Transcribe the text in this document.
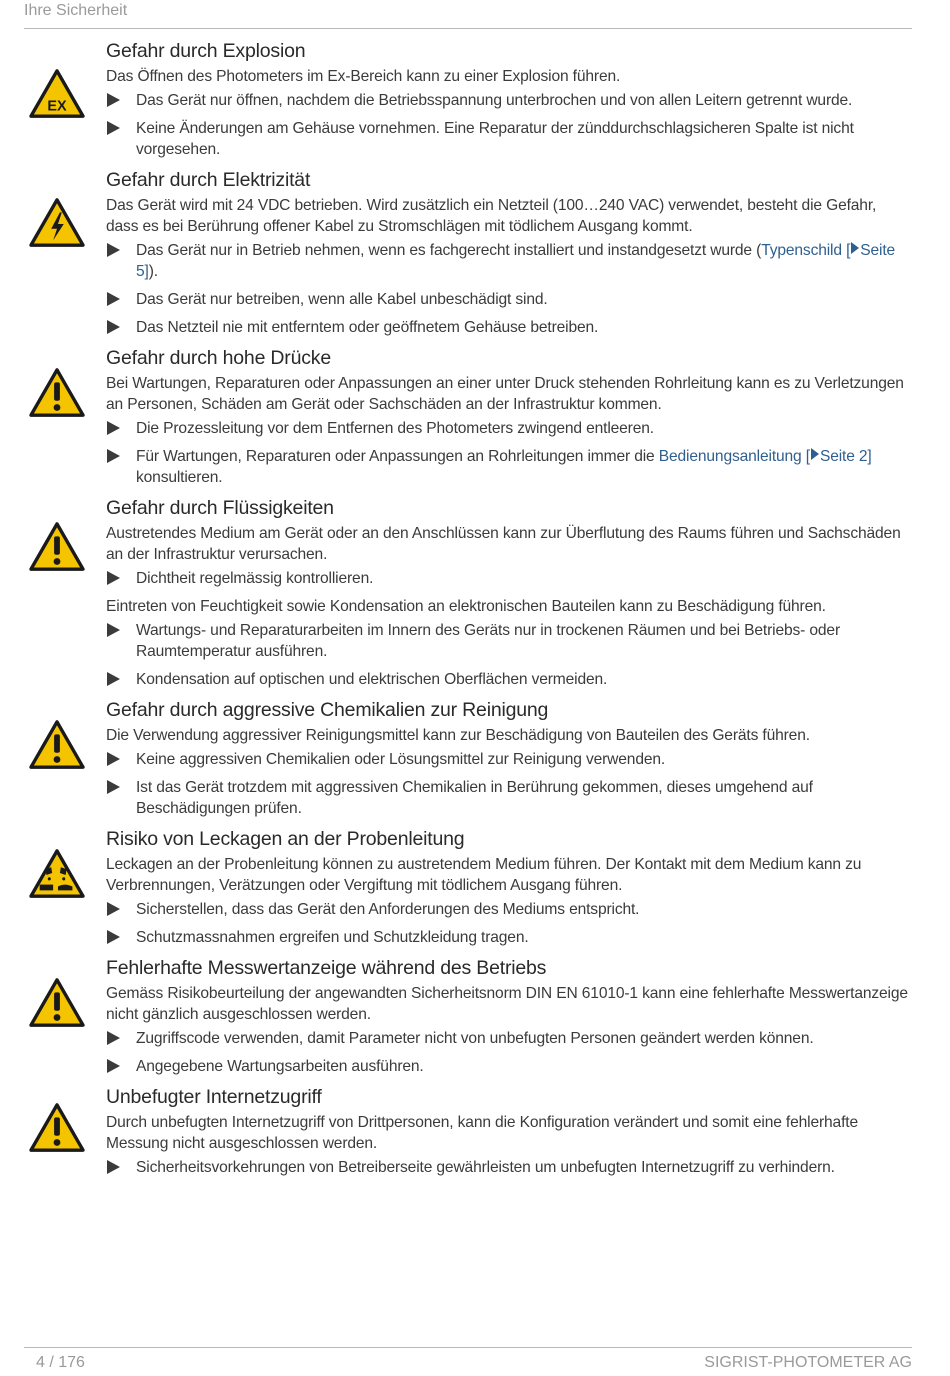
Ihre Sicherheit
EX
Gefahr durch Explosion

Das Öffnen des Photometers im Ex-Bereich kann zu einer Explosion führen.

Das Gerät nur öffnen, nachdem die Betriebsspannung unterbrochen und von allen Leitern getrennt wurde.
Keine Änderungen am Gehäuse vornehmen. Eine Reparatur der zünddurchschlagsicheren Spalte ist nicht vorgesehen.
Gefahr durch Elektrizität

Das Gerät wird mit 24 VDC betrieben. Wird zusätzlich ein Netzteil (100…240 VAC) verwendet, besteht die Gefahr, dass es bei Berührung offener Kabel zu Stromschlägen mit tödlichem Ausgang kommt.

Das Gerät nur in Betrieb nehmen, wenn es fachgerecht installiert und instandgesetzt wurde (Typenschild [ Seite 5]).
Das Gerät nur betreiben, wenn alle Kabel unbeschädigt sind.
Das Netzteil nie mit entferntem oder geöffnetem Gehäuse betreiben.
Gefahr durch hohe Drücke

Bei Wartungen, Reparaturen oder Anpassungen an einer unter Druck stehenden Rohrleitung kann es zu Verletzungen an Personen, Schäden am Gerät oder Sachschäden an der Infrastruktur kommen.

Die Prozessleitung vor dem Entfernen des Photometers zwingend entleeren.
Für Wartungen, Reparaturen oder Anpassungen an Rohrleitungen immer die Bedienungsanleitung [ Seite 2] konsultieren.
Gefahr durch Flüssigkeiten

Austretendes Medium am Gerät oder an den Anschlüssen kann zur Überflutung des Raums führen und Sachschäden an der Infrastruktur verursachen.

Dichtheit regelmässig kontrollieren.

Eintreten von Feuchtigkeit sowie Kondensation an elektronischen Bauteilen kann zu Beschädigung führen.

Wartungs- und Reparaturarbeiten im Innern des Geräts nur in trockenen Räumen und bei Betriebs- oder Raumtemperatur ausführen.
Kondensation auf optischen und elektrischen Oberflächen vermeiden.
Gefahr durch aggressive Chemikalien zur Reinigung

Die Verwendung aggressiver Reinigungsmittel kann zur Beschädigung von Bauteilen des Geräts führen.

Keine aggressiven Chemikalien oder Lösungsmittel zur Reinigung verwenden.
Ist das Gerät trotzdem mit aggressiven Chemikalien in Berührung gekommen, dieses umgehend auf Beschädigungen prüfen.
Risiko von Leckagen an der Probenleitung

Leckagen an der Probenleitung können zu austretendem Medium führen. Der Kontakt mit dem Medium kann zu Verbrennungen, Verätzungen oder Vergiftung mit tödlichem Ausgang führen.

Sicherstellen, dass das Gerät den Anforderungen des Mediums entspricht.
Schutzmassnahmen ergreifen und Schutzkleidung tragen.
Fehlerhafte Messwertanzeige während des Betriebs

Gemäss Risikobeurteilung der angewandten Sicherheitsnorm DIN EN 61010-1 kann eine fehlerhafte Messwertanzeige nicht gänzlich ausgeschlossen werden.

Zugriffscode verwenden, damit Parameter nicht von unbefugten Personen geändert werden können.
Angegebene Wartungsarbeiten ausführen.
Unbefugter Internetzugriff

Durch unbefugten Internetzugriff von Drittpersonen, kann die Konfiguration verändert und somit eine fehlerhafte Messung nicht ausgeschlossen werden.

Sicherheitsvorkehrungen von Betreiberseite gewährleisten um unbefugten Internetzugriff zu verhindern.
4 / 176	SIGRIST-PHOTOMETER AG
